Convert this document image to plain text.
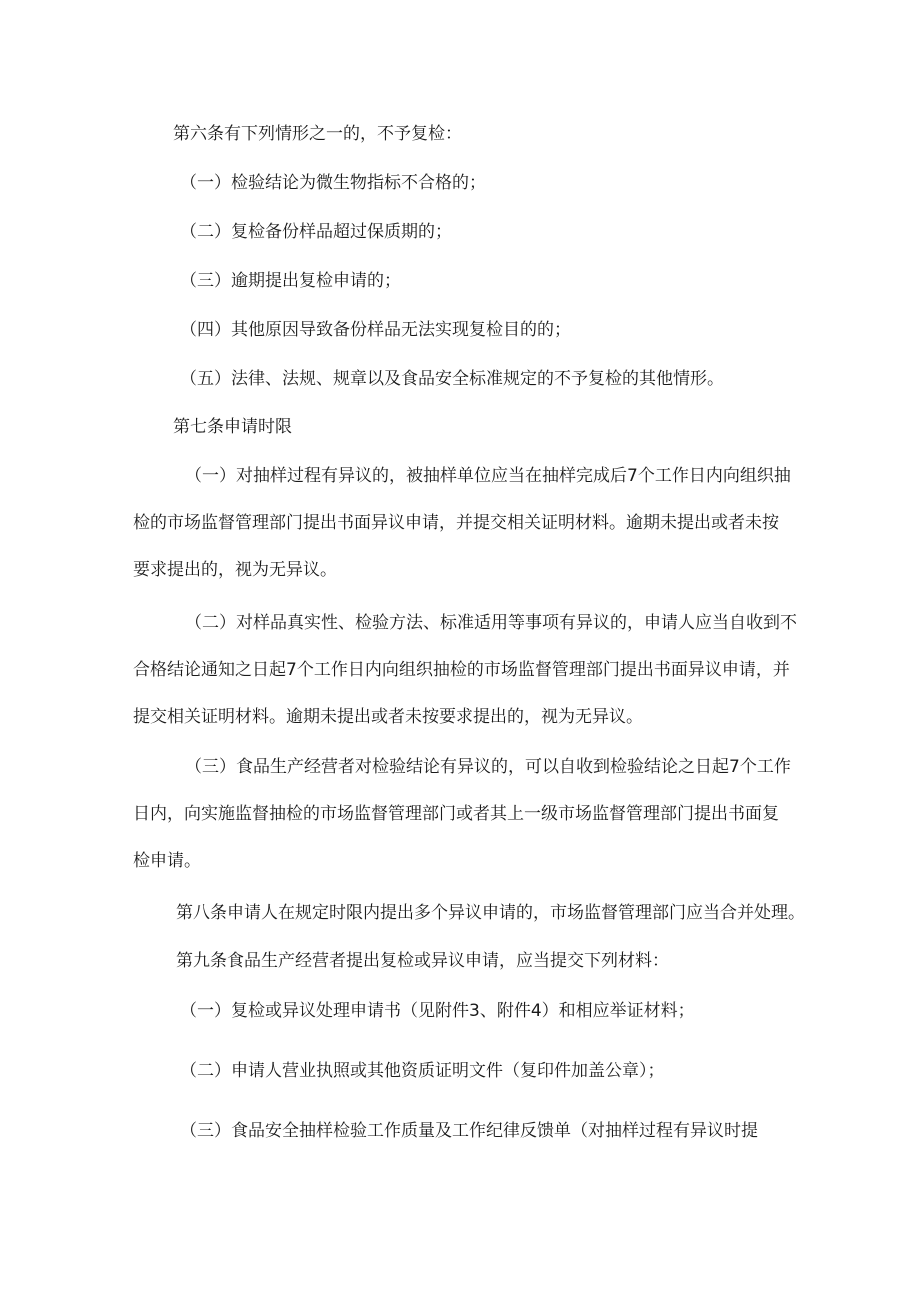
第六条有下列情形之一的，不予复检：
（一）检验结论为微生物指标不合格的；
（二）复检备份样品超过保质期的；
（三）逾期提出复检申请的；
（四）其他原因导致备份样品无法实现复检目的的；
（五）法律、法规、规章以及食品安全标准规定的不予复检的其他情形。
第七条申请时限
（一）对抽样过程有异议的，被抽样单位应当在抽样完成后7个工作日内向组织抽
检的市场监督管理部门提出书面异议申请，并提交相关证明材料。逾期未提出或者未按
要求提出的，视为无异议。
（二）对样品真实性、检验方法、标准适用等事项有异议的，申请人应当自收到不
合格结论通知之日起7个工作日内向组织抽检的市场监督管理部门提出书面异议申请，并
提交相关证明材料。逾期未提出或者未按要求提出的，视为无异议。
（三）食品生产经营者对检验结论有异议的，可以自收到检验结论之日起7个工作
日内，向实施监督抽检的市场监督管理部门或者其上一级市场监督管理部门提出书面复
检申请。
第八条申请人在规定时限内提出多个异议申请的，市场监督管理部门应当合并处理。
第九条食品生产经营者提出复检或异议申请，应当提交下列材料：
（一）复检或异议处理申请书（见附件3、附件4）和相应举证材料；
（二）申请人营业执照或其他资质证明文件（复印件加盖公章）；
（三）食品安全抽样检验工作质量及工作纪律反馈单（对抽样过程有异议时提
